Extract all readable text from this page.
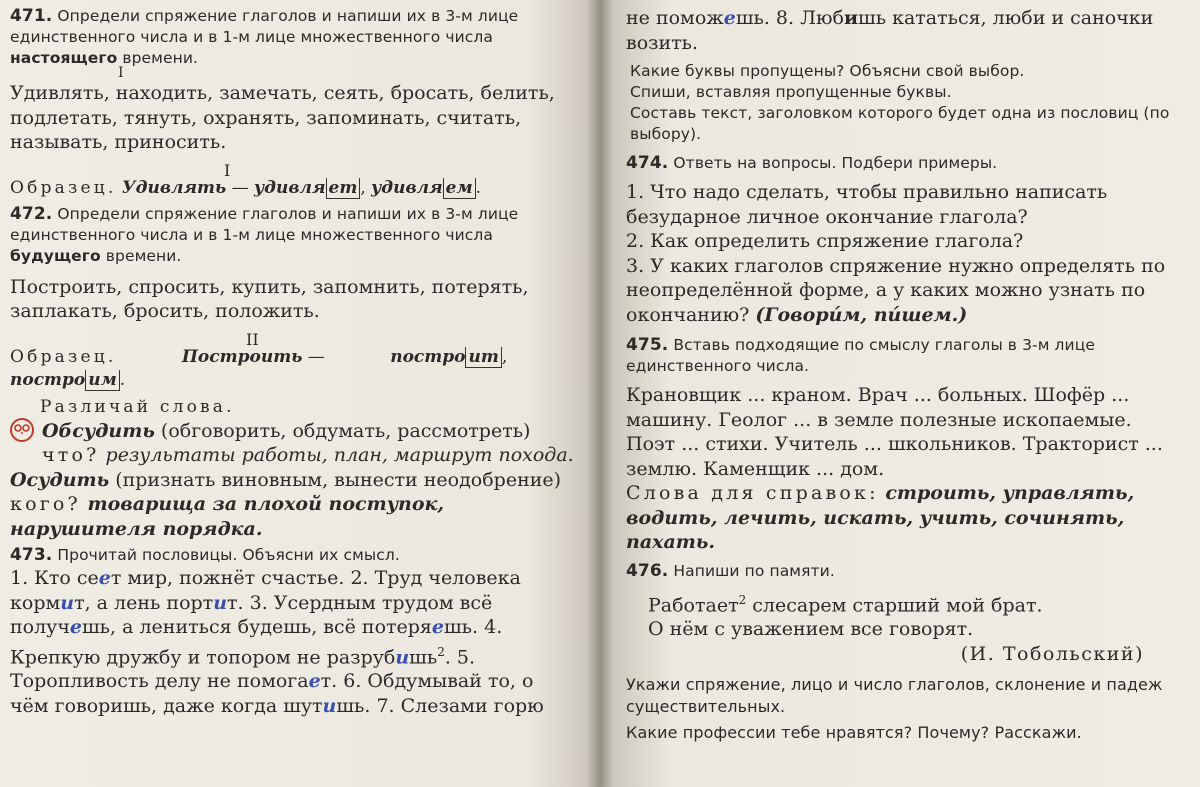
471. Определи спряжение глаголов и напиши их в 3-м лице единственного числа и в 1-м лице множественного числа настоящего времени.

I

Удивлять, находить, замечать, сеять, бросать, белить, подлетать, тянуть, охранять, запоминать, считать, называть, приносить.

I

Образец. Удивлять — удивля ет , удивля ем .

472. Определи спряжение глаголов и напиши их в 3-м лице единственного числа и в 1-м лице множественного числа будущего времени.

Построить, спросить, купить, запомнить, потерять, заплакать, бросить, положить.

II

Образец.	Построить —	постро ит ,
постро им .

Различай слова.

Обсудить (обговорить, обдумать, рассмотреть) что? результаты работы, план, маршрут похода.

Осудить (признать виновным, вынести неодобрение) кого? товарища за плохой поступок, нарушителя порядка.

473. Прочитай пословицы. Объясни их смысл.

1. Кто сеет мир, пожнёт счастье. 2. Труд человека кормит, а лень портит. 3. Усердным трудом всё получешь, а лениться будешь, всё потеряешь. 4. Крепкую дружбу и топором не разрубишь$^2$. 5. Торопливость делу не помогает. 6. Обдумывай то, о чём говоришь, даже когда шутишь. 7. Слезами горю

не поможешь. 8. Любишь кататься, люби и саночки возить.

Какие буквы пропущены? Объясни свой выбор.

Спиши, вставляя пропущенные буквы.

Составь текст, заголовком которого будет одна из пословиц (по выбору).

474. Ответь на вопросы. Подбери примеры.

1. Что надо сделать, чтобы правильно написать безударное личное окончание глагола?

2. Как определить спряжение глагола?

3. У каких глаголов спряжение нужно определять по неопределённой форме, а у каких можно узнать по окончанию? (Говори́м, пи́шем.)

475. Вставь подходящие по смыслу глаголы в 3-м лице единственного числа.

Крановщик ... краном. Врач ... больных. Шофёр ... машину. Геолог ... в земле полезные ископаемые. Поэт ... стихи. Учитель ... школьников. Тракторист ... землю. Каменщик ... дом.

Слова для справок: строить, управлять, водить, лечить, искать, учить, сочинять, пахать.

476. Напиши по памяти.

Работает$^2$ слесарем старший мой брат.

О нём с уважением все говорят.

(И. Тобольский)

Укажи спряжение, лицо и число глаголов, склонение и падеж существительных.

Какие профессии тебе нравятся? Почему? Расскажи.
